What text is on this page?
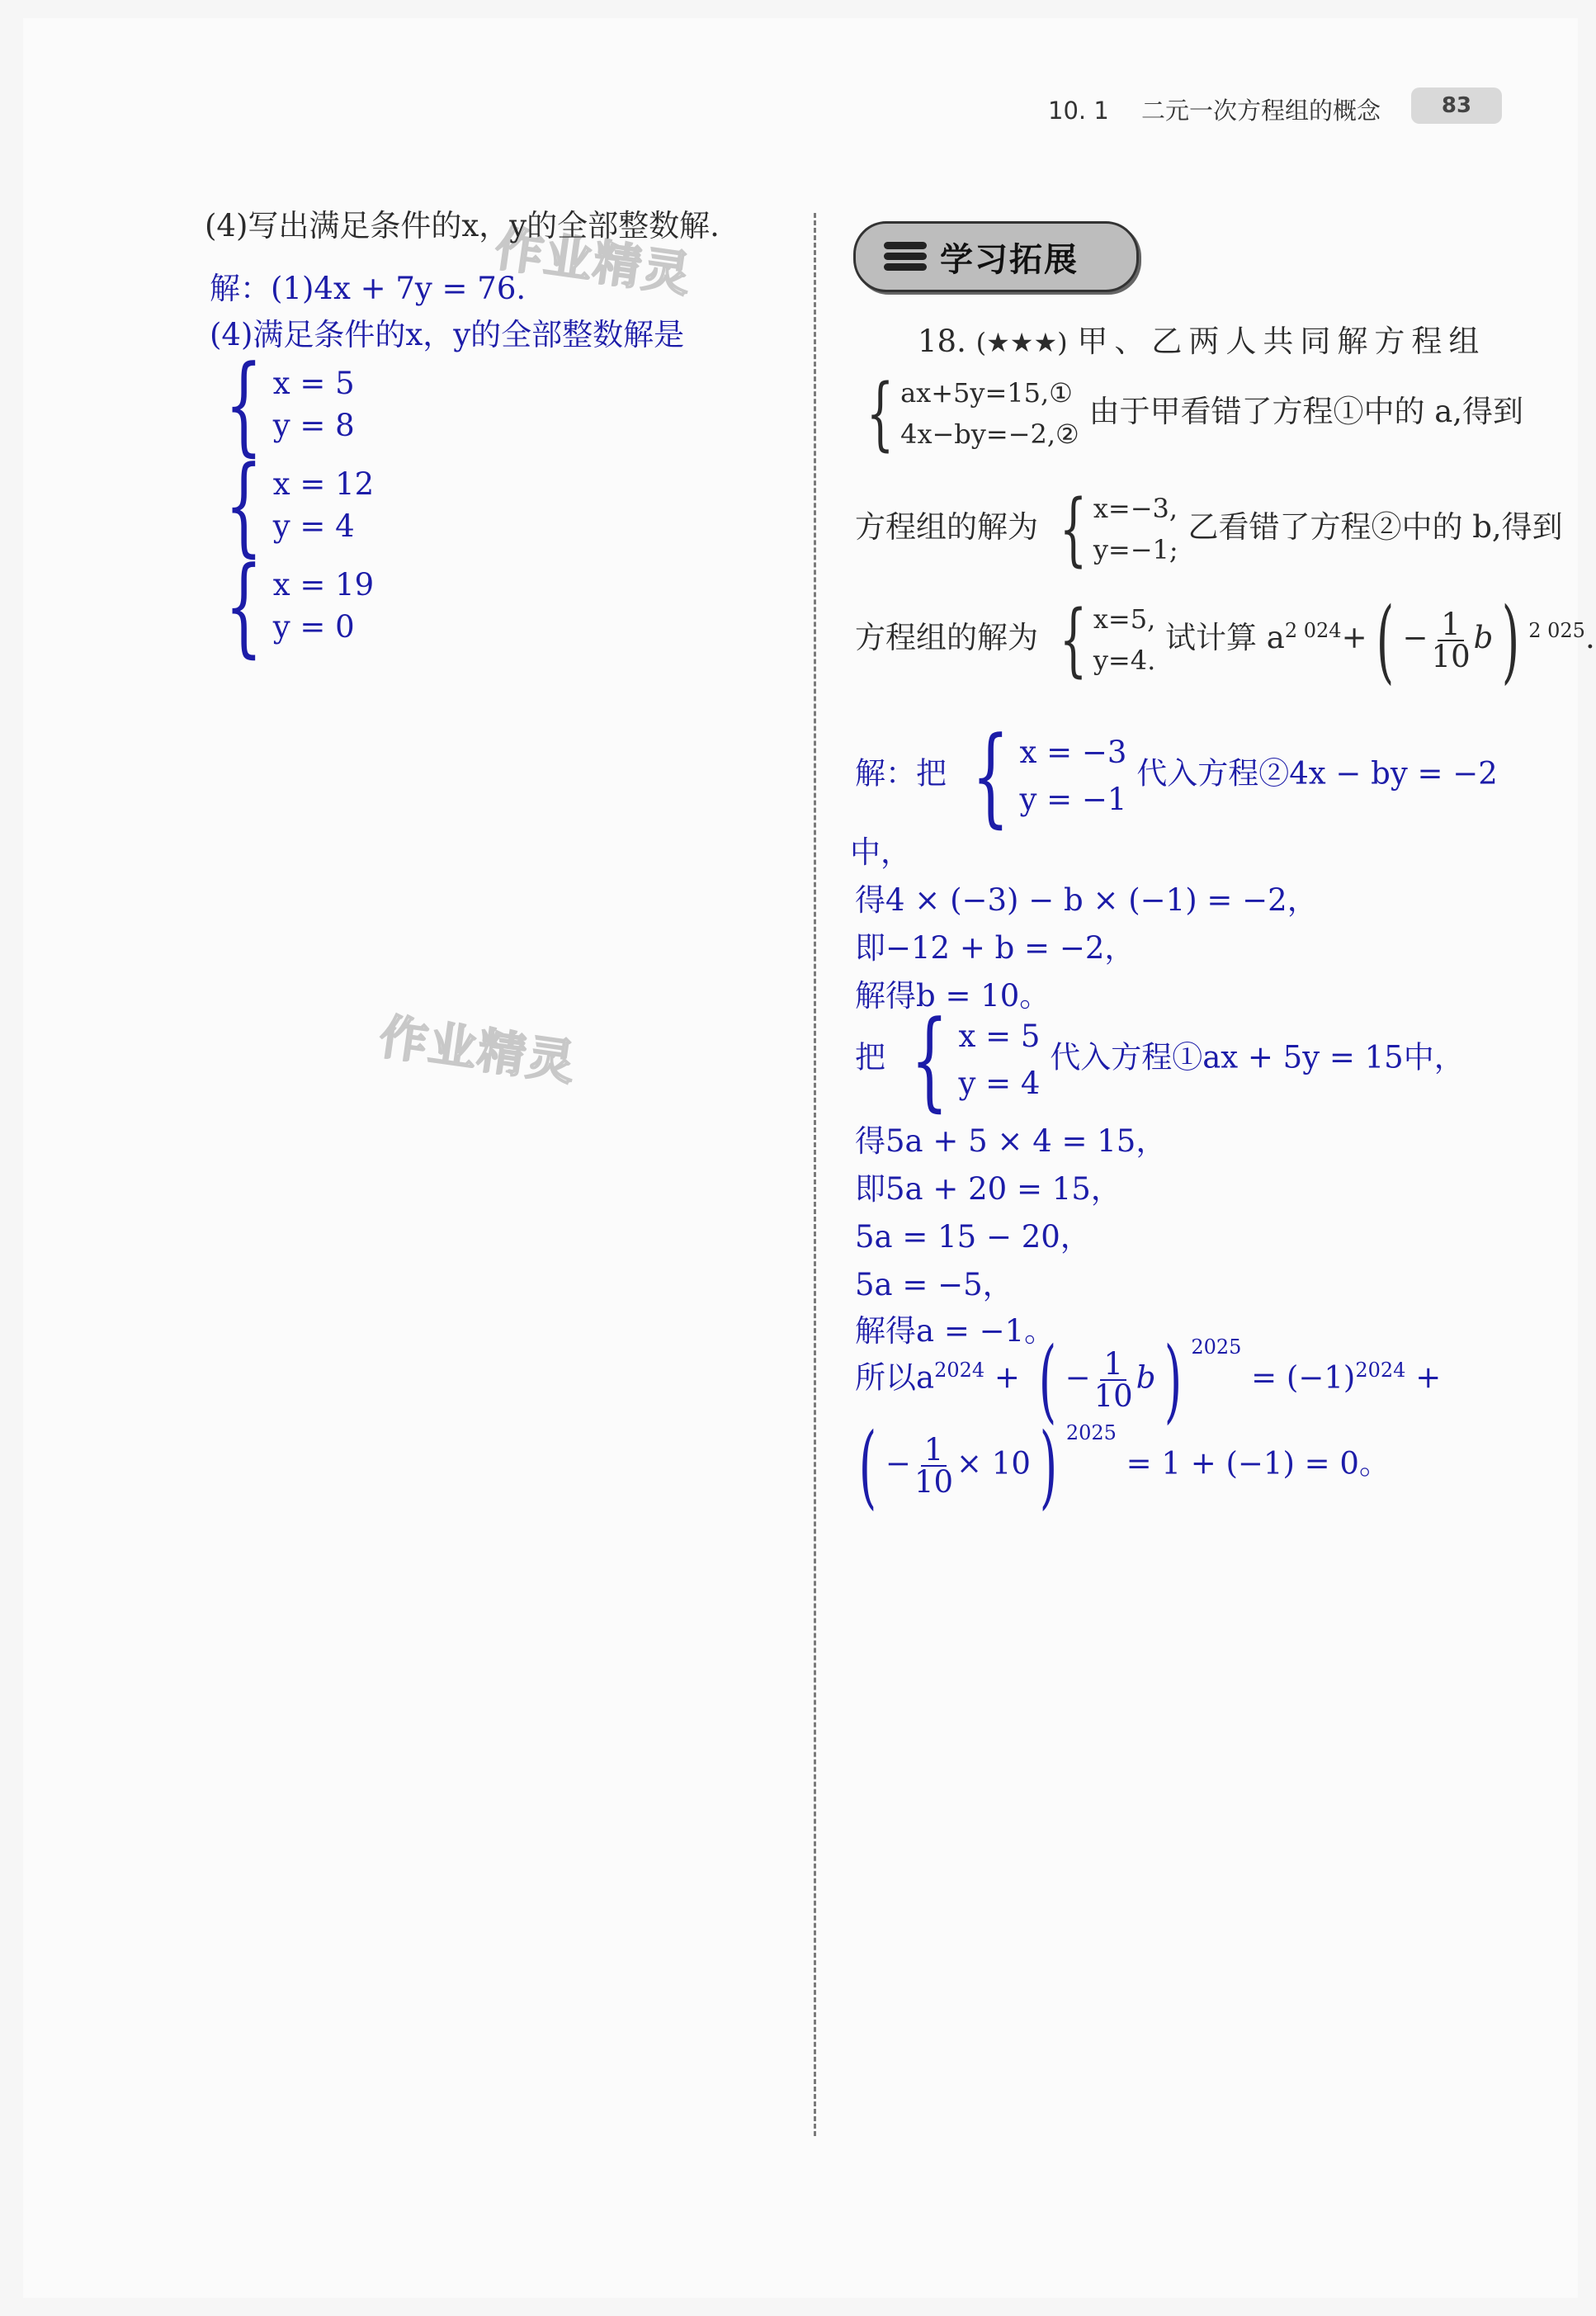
10. 1 二元一次方程组的概念	83
作业精灵
作业精灵
(4)写出满足条件的x，y的全部整数解.
解：(1)4x + 7y = 76.
(4)满足条件的x，y的全部整数解是
{ x = 5
y = 8
{ x = 12
y = 4
{ x = 19
y = 0
学习拓展
18. (★★★) 甲、乙两人共同解方程组
{ ax+5y=15,①
4x−by=−2,②
由于甲看错了方程①中的 a,得到
方程组的解为 { x=−3,
y=−1;
乙看错了方程②中的 b,得到
方程组的解为 { x=5,
y=4.
试计算 $a^{2 024}+( - \frac{1}{10} b)$ $^{2 025}$.
解：把 { x = −3
y = −1
代入方程②4x − by = −2
中，
得4 × (−3) − b × (−1) = −2，
即−12 + b = −2，
解得b = 10。
把 { x = 5
y = 4
代入方程①ax + 5y = 15中，
得5a + 5 × 4 = 15，
即5a + 20 = 15，
5a = 15 − 20，
5a = −5，
解得a = −1。
所以$a^{2024}$ + ( − $\frac{1}{10} b$) $^{2025} = (-1)^{2024}$ +
( − $\frac{1}{10} \times 10$) $^{2025}$ = 1 + (−1) = 0。
